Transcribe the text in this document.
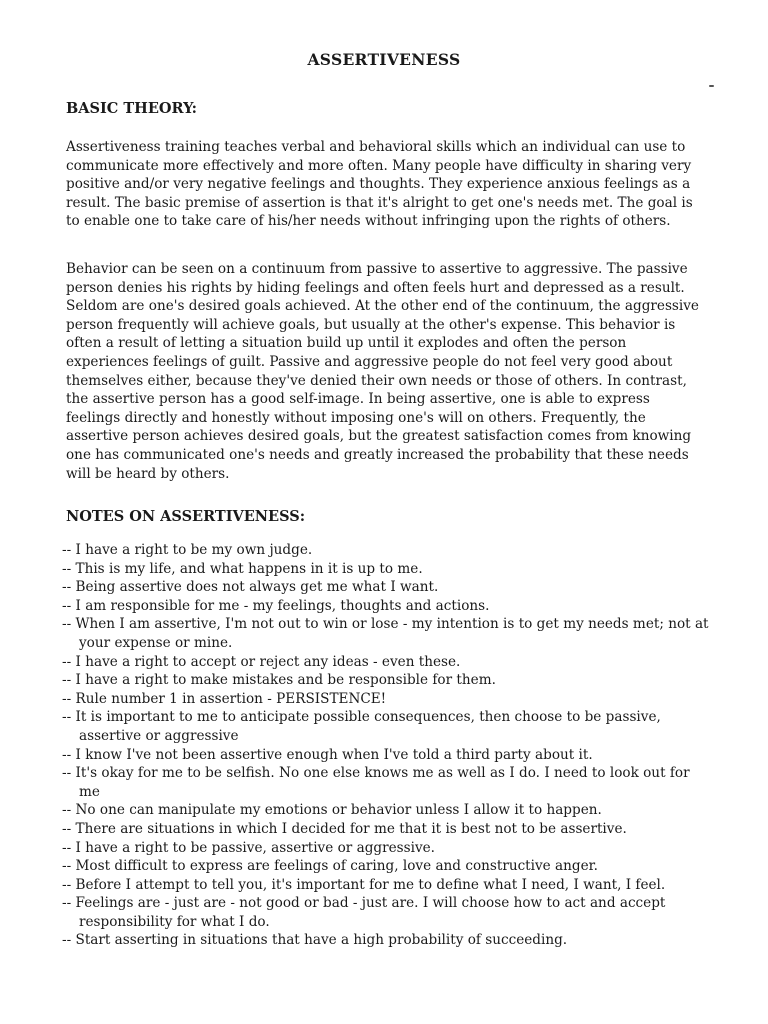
ASSERTIVENESS
BASIC THEORY:
Assertiveness training teaches verbal and behavioral skills which an individual can use to communicate more effectively and more often. Many people have difficulty in sharing very positive and/or very negative feelings and thoughts. They experience anxious feelings as a result. The basic premise of assertion is that it's alright to get one's needs met. The goal is to enable one to take care of his/her needs without infringing upon the rights of others.
Behavior can be seen on a continuum from passive to assertive to aggressive. The passive person denies his rights by hiding feelings and often feels hurt and depressed as a result. Seldom are one's desired goals achieved. At the other end of the continuum, the aggressive person frequently will achieve goals, but usually at the other's expense. This behavior is often a result of letting a situation build up until it explodes and often the person experiences feelings of guilt. Passive and aggressive people do not feel very good about themselves either, because they've denied their own needs or those of others. In contrast, the assertive person has a good self-image. In being assertive, one is able to express feelings directly and honestly without imposing one's will on others. Frequently, the assertive person achieves desired goals, but the greatest satisfaction comes from knowing one has communicated one's needs and greatly increased the probability that these needs will be heard by others.
NOTES ON ASSERTIVENESS:
-- I have a right to be my own judge.
-- This is my life, and what happens in it is up to me.
-- Being assertive does not always get me what I want.
-- I am responsible for me - my feelings, thoughts and actions.
-- When I am assertive, I'm not out to win or lose - my intention is to get my needs met; not at your expense or mine.
-- I have a right to accept or reject any ideas - even these.
-- I have a right to make mistakes and be responsible for them.
-- Rule number 1 in assertion - PERSISTENCE!
-- It is important to me to anticipate possible consequences, then choose to be passive, assertive or aggressive
-- I know I've not been assertive enough when I've told a third party about it.
-- It's okay for me to be selfish. No one else knows me as well as I do. I need to look out for me
-- No one can manipulate my emotions or behavior unless I allow it to happen.
-- There are situations in which I decided for me that it is best not to be assertive.
-- I have a right to be passive, assertive or aggressive.
-- Most difficult to express are feelings of caring, love and constructive anger.
-- Before I attempt to tell you, it's important for me to define what I need, I want, I feel.
-- Feelings are - just are - not good or bad - just are. I will choose how to act and accept responsibility for what I do.
-- Start asserting in situations that have a high probability of succeeding.
